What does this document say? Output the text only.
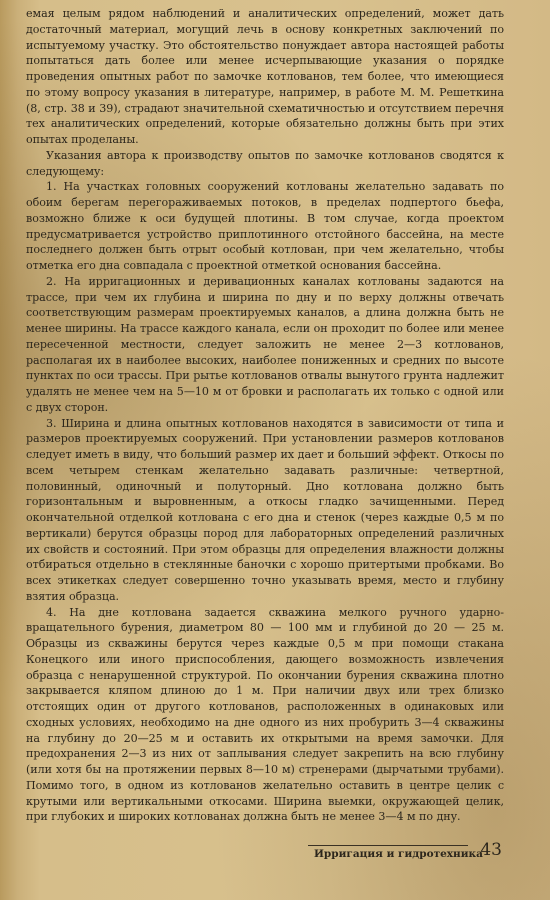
емая целым рядом наблюдений и аналитических определений, может дать достаточный материал, могущий лечь в основу конкретных заключений по испытуемому участку. Это обстоятельство понуждает автора настоящей работы попытаться дать более или менее исчерпывающие указания о порядке проведения опытных работ по замочке котлованов, тем более, что имеющиеся по этому вопросу указания в литературе, например, в работе М. М. Решеткина (8, стр. 38 и 39), страдают значительной схематичностью и отсутствием перечня тех аналитических определений, которые обязательно должны быть при этих опытах проделаны.

Указания автора к производству опытов по замочке котлованов сводятся к следующему:

1. На участках головных сооружений котлованы желательно задавать по обоим берегам перегораживаемых потоков, в пределах подпертого бьефа, возможно ближе к оси будущей плотины. В том случае, когда проектом предусматривается устройство приплотинного отстойного бассейна, на месте последнего должен быть отрыт особый котлован, при чем желательно, чтобы отметка его дна совпадала с проектной отметкой основания бассейна.

2. На ирригационных и деривационных каналах котлованы задаются на трассе, при чем их глубина и ширина по дну и по верху должны отвечать соответствующим размерам проектируемых каналов, а длина должна быть не менее ширины. На трассе каждого канала, если он проходит по более или менее пересеченной местности, следует заложить не менее 2—3 котлованов, располагая их в наиболее высоких, наиболее пониженных и средних по высоте пунктах по оси трассы. При рытье котлованов отвалы вынутого грунта надлежит удалять не менее чем на 5—10 м от бровки и располагать их только с одной или с двух сторон.

3. Ширина и длина опытных котлованов находятся в зависимости от типа и размеров проектируемых сооружений. При установлении размеров котлованов следует иметь в виду, что больший размер их дает и больший эффект. Откосы по всем четырем стенкам желательно задавать различные: четвертной, половинный, одиночный и полуторный. Дно котлована должно быть горизонтальным и выровненным, а откосы гладко зачищенными. Перед окончательной отделкой котлована с его дна и стенок (через каждые 0,5 м по вертикали) берутся образцы пород для лабораторных определений различных их свойств и состояний. При этом образцы для определения влажности должны отбираться отдельно в стеклянные баночки с хорошо притертыми пробками. Во всех этикетках следует совершенно точно указывать время, место и глубину взятия образца.

4. На дне котлована задается скважина мелкого ручного ударно-вращательного бурения, диаметром 80 — 100 мм и глубиной до 20 — 25 м. Образцы из скважины берутся через каждые 0,5 м при помощи стакана Конецкого или иного приспособления, дающего возможность извлечения образца с ненарушенной структурой. По окончании бурения скважина плотно закрывается кляпом длиною до 1 м. При наличии двух или трех близко отстоящих один от другого котлованов, расположенных в одинаковых или сходных условиях, необходимо на дне одного из них пробурить 3—4 скважины на глубину до 20—25 м и оставить их открытыми на время замочки. Для предохранения 2—3 из них от заплывания следует закрепить на всю глубину (или хотя бы на протяжении первых 8—10 м) стренерами (дырчатыми трубами). Помимо того, в одном из котлованов желательно оставить в центре целик с крутыми или вертикальными откосами. Ширина выемки, окружающей целик, при глубоких и широких котлованах должна быть не менее 3—4 м по дну.

Ирригация и гидротехника
43
